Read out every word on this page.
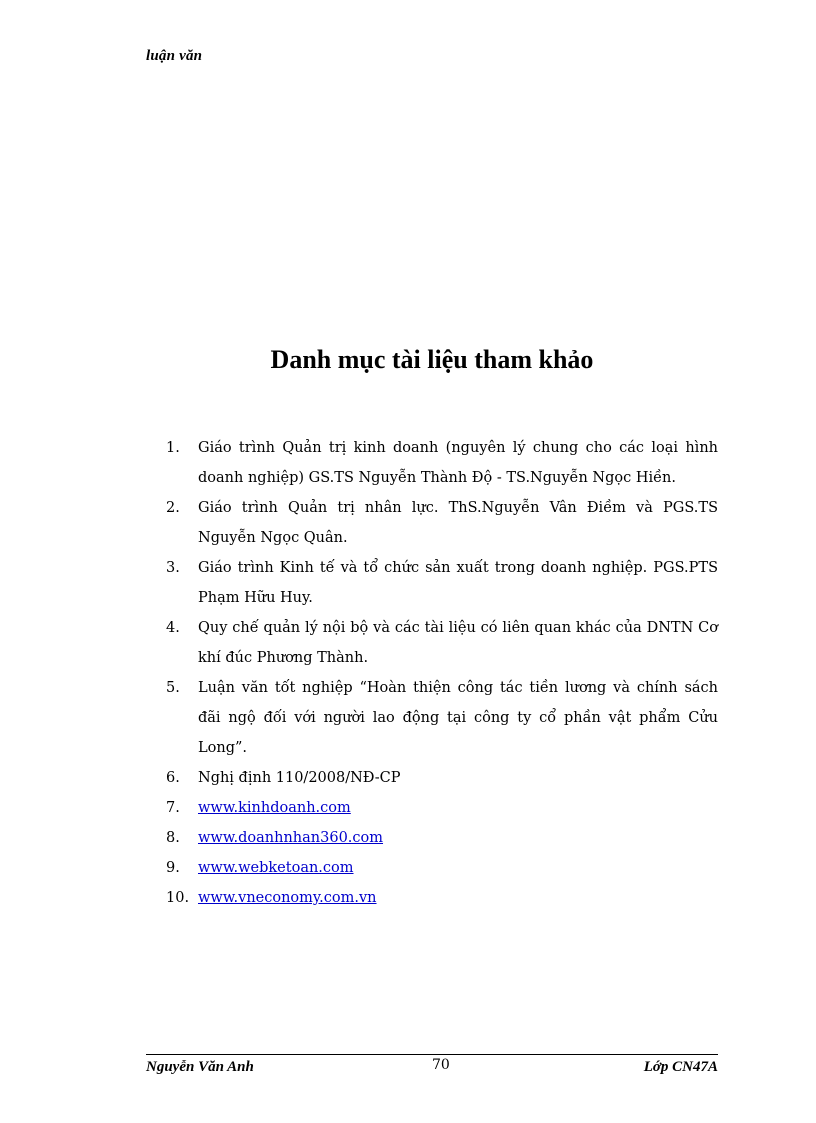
luận văn
Danh mục tài liệu tham khảo
1.	Giáo trình Quản trị kinh doanh (nguyên lý chung cho các loại hình doanh nghiệp) GS.TS Nguyễn Thành Độ - TS.Nguyễn Ngọc Hiền.
2.	Giáo trình Quản trị nhân lực. ThS.Nguyễn Vân Điềm và PGS.TS Nguyễn Ngọc Quân.
3.	Giáo trình Kinh tế và tổ chức sản xuất trong doanh nghiệp. PGS.PTS Phạm Hữu Huy.
4.	Quy chế quản lý nội bộ và các tài liệu có liên quan khác của DNTN Cơ khí đúc Phương Thành.
5.	Luận văn tốt nghiệp “Hoàn thiện công tác tiền lương và chính sách đãi ngộ đối với người lao động tại công ty cổ phần vật phẩm Cửu Long”.
6.	Nghị định 110/2008/NĐ-CP
7.	www.kinhdoanh.com
8.	www.doanhnhan360.com
9.	www.webketoan.com
10. www.vneconomy.com.vn
Nguyễn Văn Anh	70	Lớp CN47A
